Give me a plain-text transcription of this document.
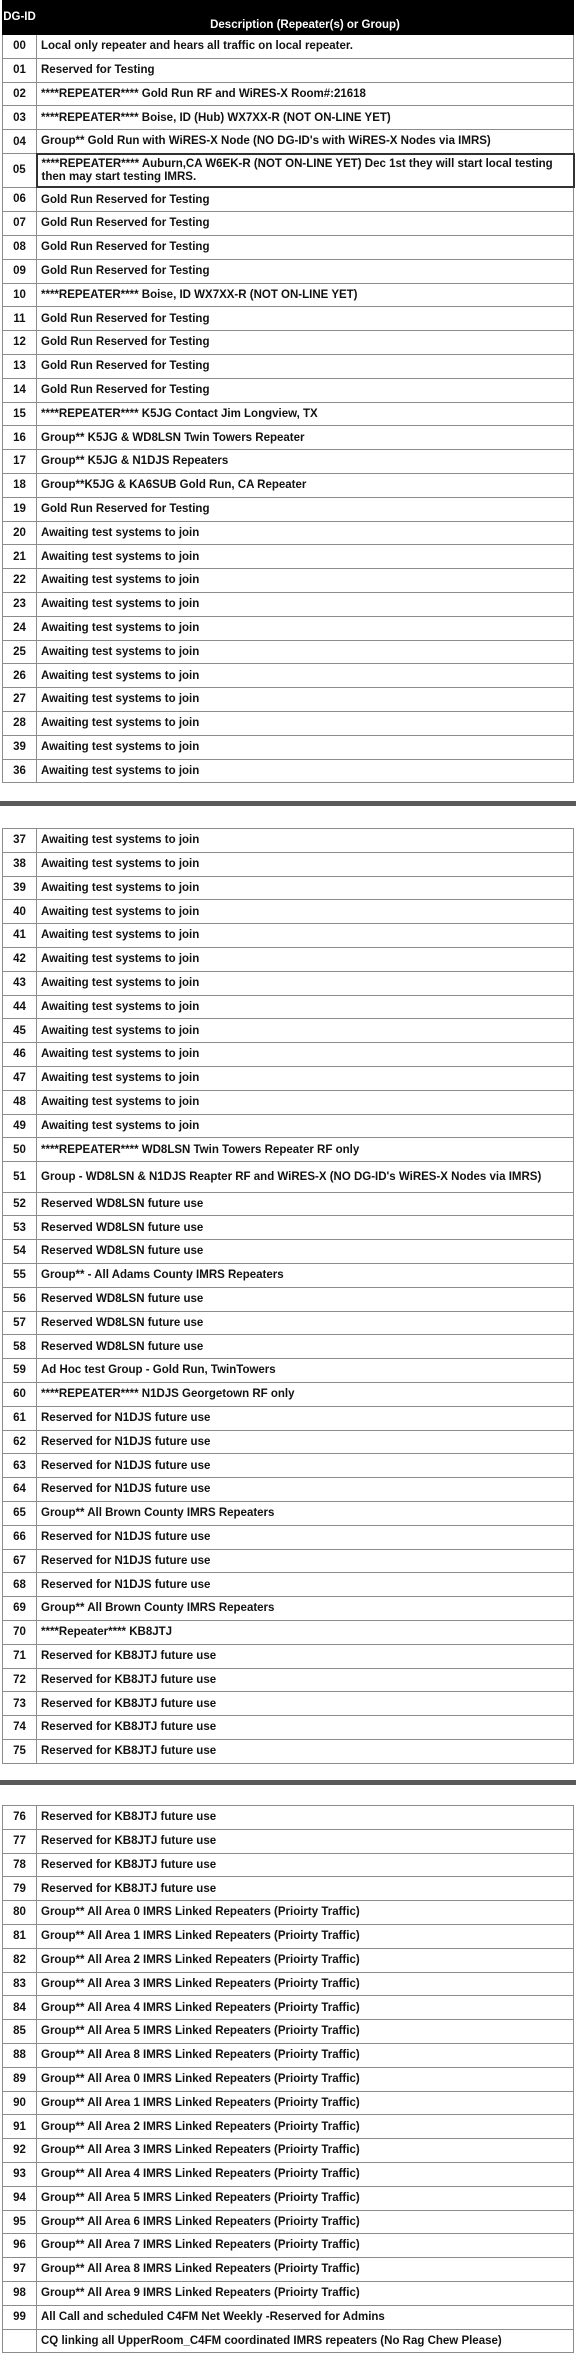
DG-ID	Description (Repeater(s) or Group)
00	Local only repeater and hears all traffic on local repeater.
01	Reserved for Testing
02	****REPEATER**** Gold Run RF and WiRES-X Room#:21618
03	****REPEATER**** Boise, ID (Hub) WX7XX-R (NOT ON-LINE YET)
04	Group** Gold Run with WiRES-X Node (NO DG-ID's with WiRES-X Nodes via IMRS)
05	****REPEATER**** Auburn,CA W6EK-R (NOT ON-LINE YET) Dec 1st they will start local testing then may start testing IMRS.
06	Gold Run Reserved for Testing
07	Gold Run Reserved for Testing
08	Gold Run Reserved for Testing
09	Gold Run Reserved for Testing
10	****REPEATER**** Boise, ID WX7XX-R (NOT ON-LINE YET)
11	Gold Run Reserved for Testing
12	Gold Run Reserved for Testing
13	Gold Run Reserved for Testing
14	Gold Run Reserved for Testing
15	****REPEATER**** K5JG Contact Jim Longview, TX
16	Group** K5JG & WD8LSN Twin Towers Repeater
17	Group** K5JG & N1DJS Repeaters
18	Group**K5JG & KA6SUB Gold Run, CA Repeater
19	Gold Run Reserved for Testing
20	Awaiting test systems to join
21	Awaiting test systems to join
22	Awaiting test systems to join
23	Awaiting test systems to join
24	Awaiting test systems to join
25	Awaiting test systems to join
26	Awaiting test systems to join
27	Awaiting test systems to join
28	Awaiting test systems to join
39	Awaiting test systems to join
36	Awaiting test systems to join
37	Awaiting test systems to join
38	Awaiting test systems to join
39	Awaiting test systems to join
40	Awaiting test systems to join
41	Awaiting test systems to join
42	Awaiting test systems to join
43	Awaiting test systems to join
44	Awaiting test systems to join
45	Awaiting test systems to join
46	Awaiting test systems to join
47	Awaiting test systems to join
48	Awaiting test systems to join
49	Awaiting test systems to join
50	****REPEATER**** WD8LSN Twin Towers Repeater RF only
51	Group - WD8LSN & N1DJS Reapter RF and WiRES-X (NO DG-ID's WiRES-X Nodes via IMRS)
52	Reserved WD8LSN future use
53	Reserved WD8LSN future use
54	Reserved WD8LSN future use
55	Group** - All Adams County IMRS Repeaters
56	Reserved WD8LSN future use
57	Reserved WD8LSN future use
58	Reserved WD8LSN future use
59	Ad Hoc test Group - Gold Run, TwinTowers
60	****REPEATER**** N1DJS Georgetown RF only
61	Reserved for N1DJS future use
62	Reserved for N1DJS future use
63	Reserved for N1DJS future use
64	Reserved for N1DJS future use
65	Group** All Brown County IMRS Repeaters
66	Reserved for N1DJS future use
67	Reserved for N1DJS future use
68	Reserved for N1DJS future use
69	Group** All Brown County IMRS Repeaters
70	****Repeater**** KB8JTJ
71	Reserved for KB8JTJ future use
72	Reserved for KB8JTJ future use
73	Reserved for KB8JTJ future use
74	Reserved for KB8JTJ future use
75	Reserved for KB8JTJ future use
76	Reserved for KB8JTJ future use
77	Reserved for KB8JTJ future use
78	Reserved for KB8JTJ future use
79	Reserved for KB8JTJ future use
80	Group** All Area 0 IMRS Linked Repeaters (Prioirty Traffic)
81	Group** All Area 1 IMRS Linked Repeaters (Prioirty Traffic)
82	Group** All Area 2 IMRS Linked Repeaters (Prioirty Traffic)
83	Group** All Area 3 IMRS Linked Repeaters (Prioirty Traffic)
84	Group** All Area 4 IMRS Linked Repeaters (Prioirty Traffic)
85	Group** All Area 5 IMRS Linked Repeaters (Prioirty Traffic)
88	Group** All Area 8 IMRS Linked Repeaters (Prioirty Traffic)
89	Group** All Area 0 IMRS Linked Repeaters (Prioirty Traffic)
90	Group** All Area 1 IMRS Linked Repeaters (Prioirty Traffic)
91	Group** All Area 2 IMRS Linked Repeaters (Prioirty Traffic)
92	Group** All Area 3 IMRS Linked Repeaters (Prioirty Traffic)
93	Group** All Area 4 IMRS Linked Repeaters (Prioirty Traffic)
94	Group** All Area 5 IMRS Linked Repeaters (Prioirty Traffic)
95	Group** All Area 6 IMRS Linked Repeaters (Prioirty Traffic)
96	Group** All Area 7 IMRS Linked Repeaters (Prioirty Traffic)
97	Group** All Area 8 IMRS Linked Repeaters (Prioirty Traffic)
98	Group** All Area 9 IMRS Linked Repeaters (Prioirty Traffic)
99	All Call and scheduled C4FM Net Weekly -Reserved for Admins
	CQ linking all UpperRoom_C4FM coordinated IMRS repeaters (No Rag Chew Please)
